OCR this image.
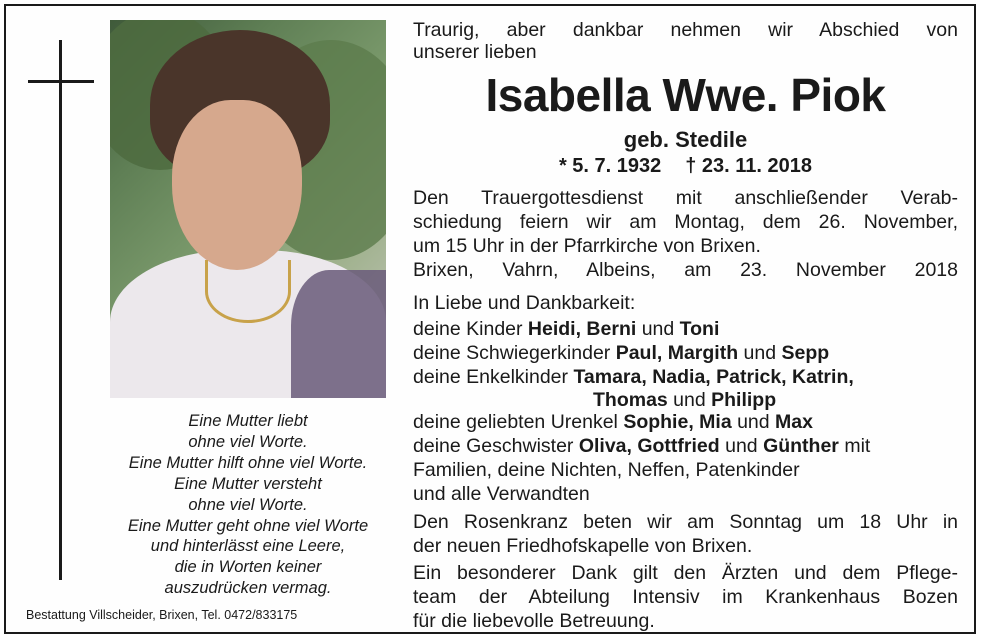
Eine Mutter liebt
ohne viel Worte.
Eine Mutter hilft ohne viel Worte.
Eine Mutter versteht
ohne viel Worte.
Eine Mutter geht ohne viel Worte
und hinterlässt eine Leere,
die in Worten keiner
auszudrücken vermag.
Bestattung Villscheider, Brixen, Tel. 0472/833175
Traurig, aber dankbar nehmen wir Abschied von
unserer lieben
Isabella Wwe. Piok
geb. Stedile
* 5. 7. 1932 † 23. 11. 2018
Den Trauergottesdienst mit anschließender Verab-
schiedung feiern wir am Montag, dem 26. November,
um 15 Uhr in der Pfarrkirche von Brixen.
Brixen, Vahrn, Albeins, am 23. November 2018
In Liebe und Dankbarkeit:
deine Kinder Heidi, Berni und Toni
deine Schwiegerkinder Paul, Margith und Sepp
deine Enkelkinder Tamara, Nadia, Patrick, Katrin,
Thomas und Philipp
deine geliebten Urenkel Sophie, Mia und Max
deine Geschwister Oliva, Gottfried und Günther mit
Familien, deine Nichten, Neffen, Patenkinder
und alle Verwandten
Den Rosenkranz beten wir am Sonntag um 18 Uhr in
der neuen Friedhofskapelle von Brixen.
Ein besonderer Dank gilt den Ärzten und dem Pflege-
team der Abteilung Intensiv im Krankenhaus Bozen
für die liebevolle Betreuung.
